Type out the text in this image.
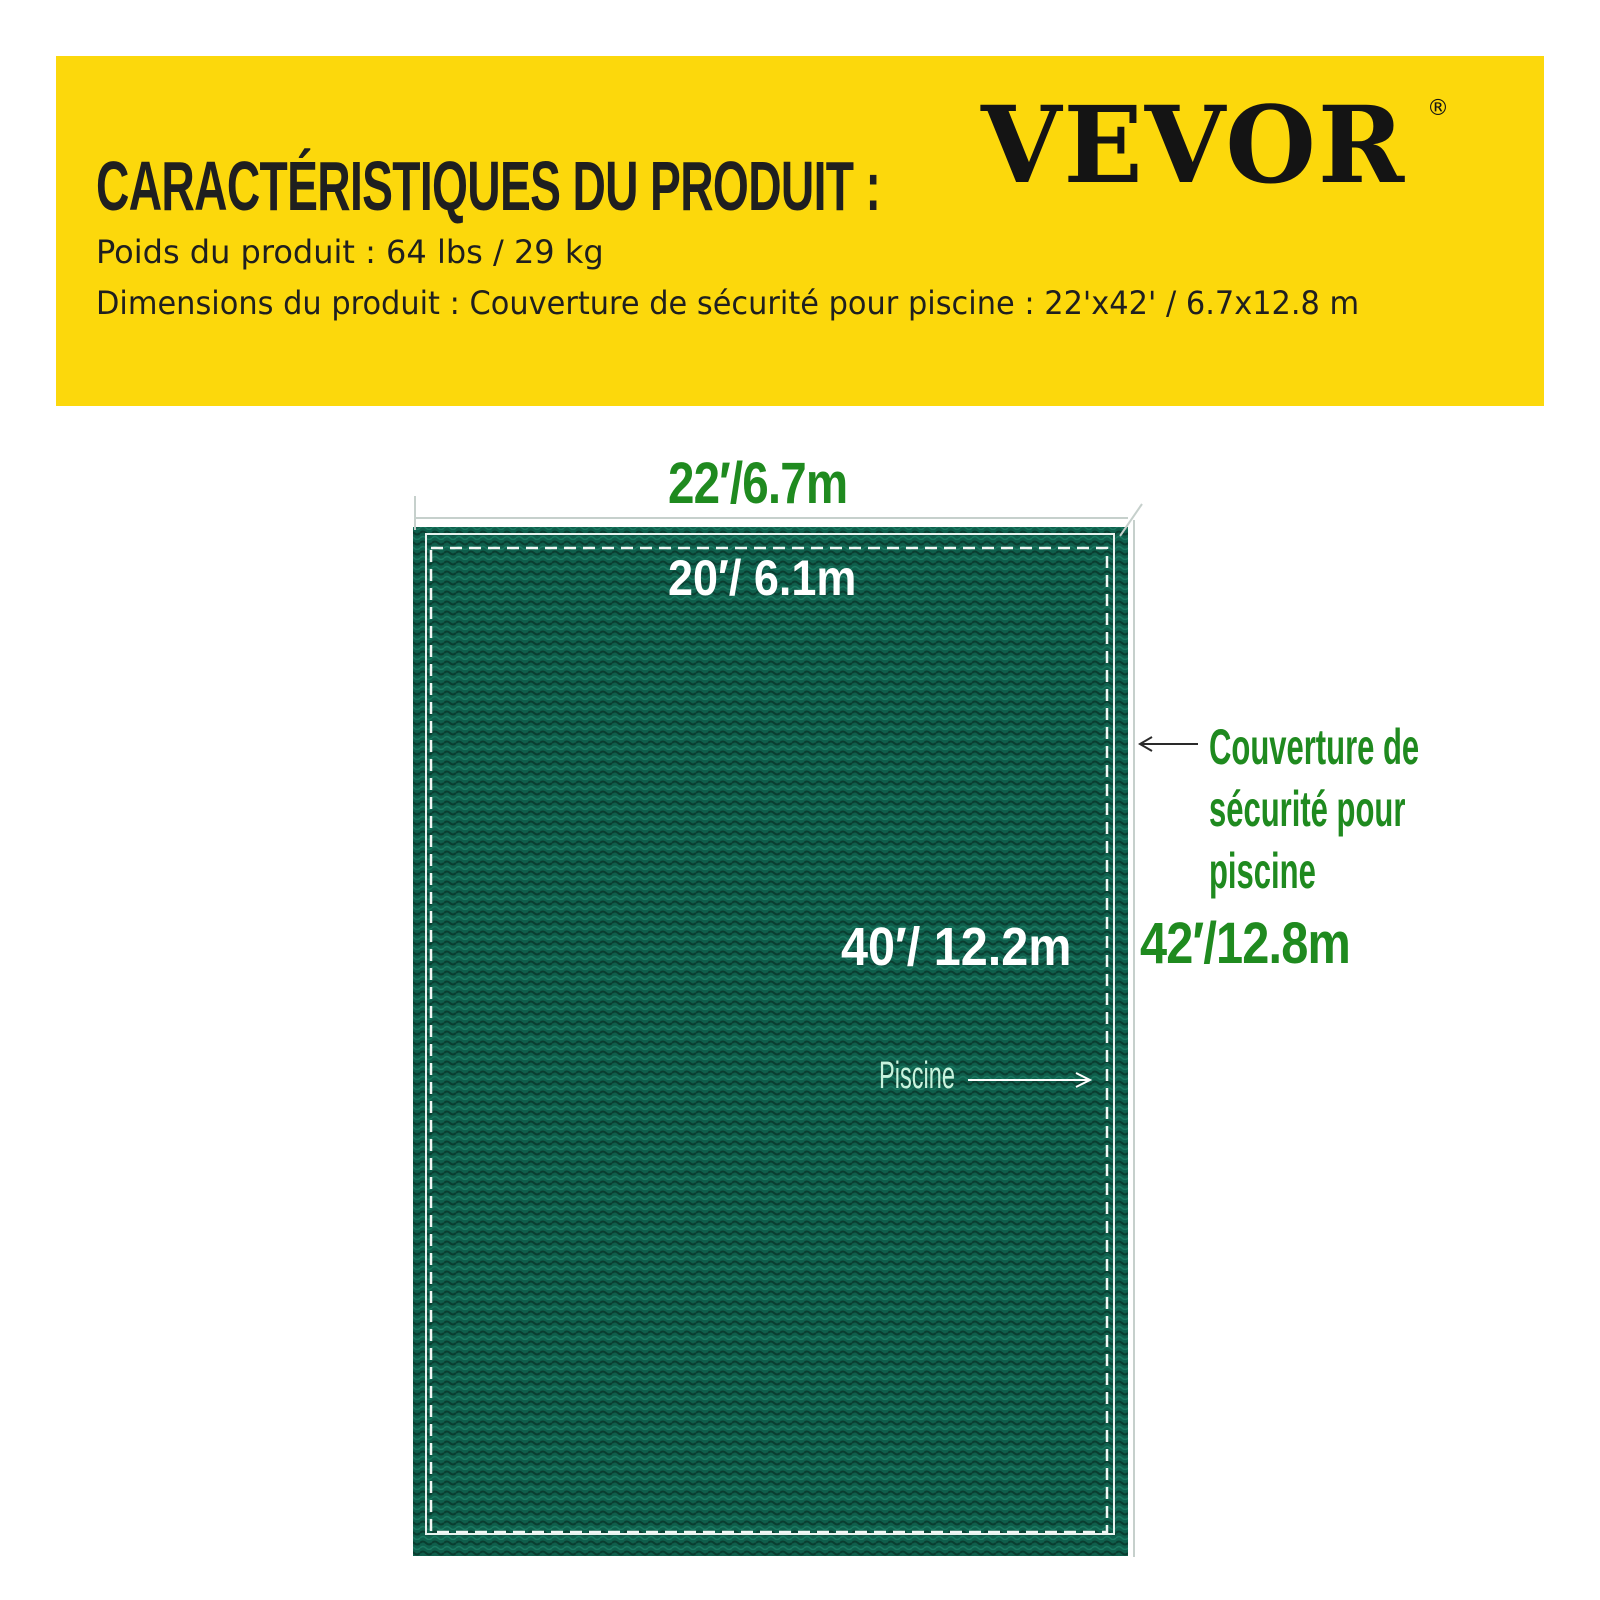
CARACTÉRISTIQUES DU PRODUIT :
Poids du produit : 64 lbs / 29 kg
Dimensions du produit : Couverture de sécurité pour piscine : 22'x42' / 6.7x12.8 m
VEVOR ®
22′/6.7m
20′/ 6.1m
40′/ 12.2m 42′/12.8m
Couverture de sécurité pour piscine
Piscine
